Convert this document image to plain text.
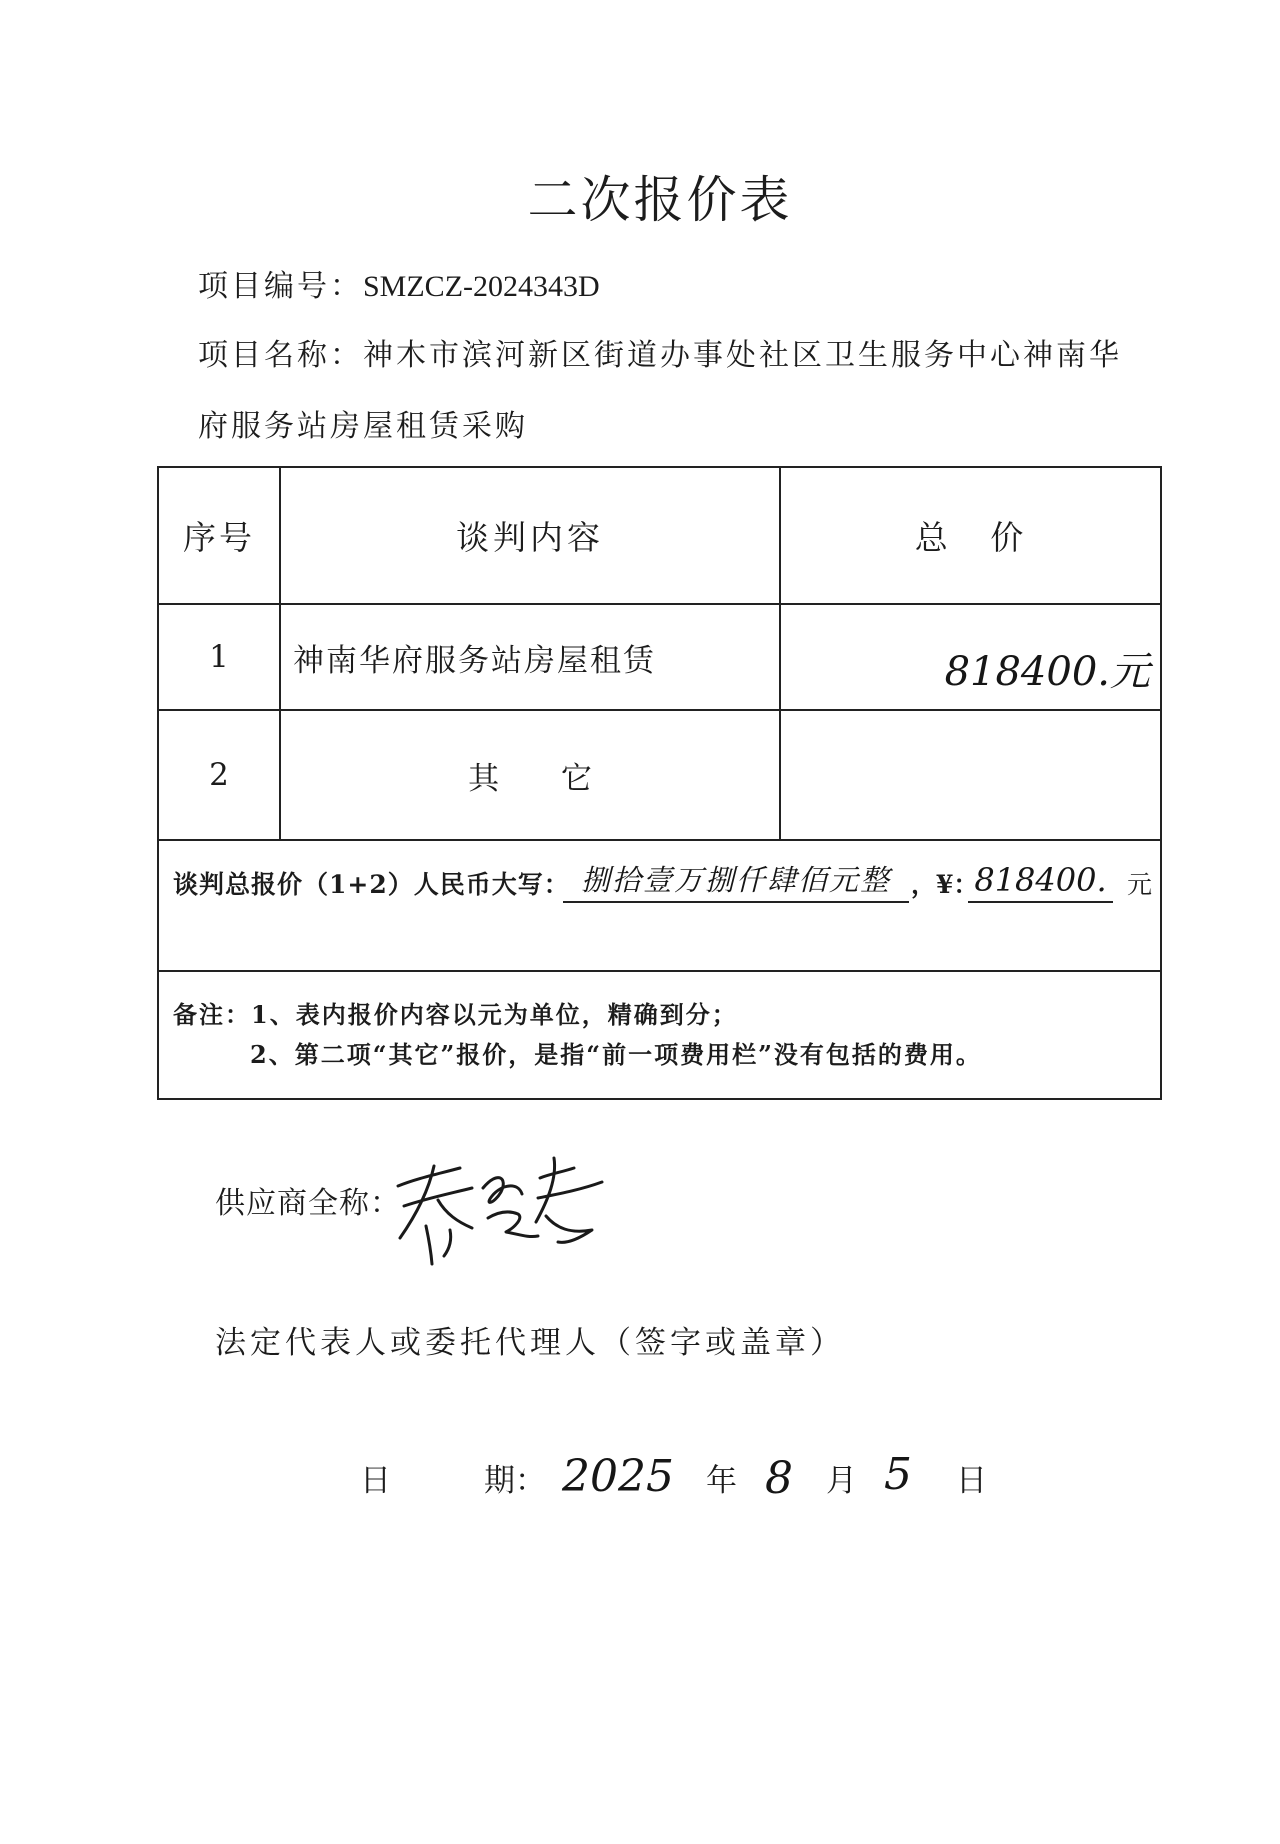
二次报价表
项目编号：SMZCZ-2024343D
项目名称：神木市滨河新区街道办事处社区卫生服务中心神南华
府服务站房屋租赁采购
序号	谈判内容	总 价
1	神南华府服务站房屋租赁	818400.元
2	其 它	

谈判总报价（1+2）人民币大写： 捌拾壹万捌仟肆佰元整 ，¥：
818400. 元		

备注：1、表内报价内容以元为单位，精确到分；
2、第二项“其它”报价，是指“前一项费用栏”没有包括的费用。		
供应商全称：
法定代表人或委托代理人（签字或盖章）
日	期： 2025 年 8 月 5 日
